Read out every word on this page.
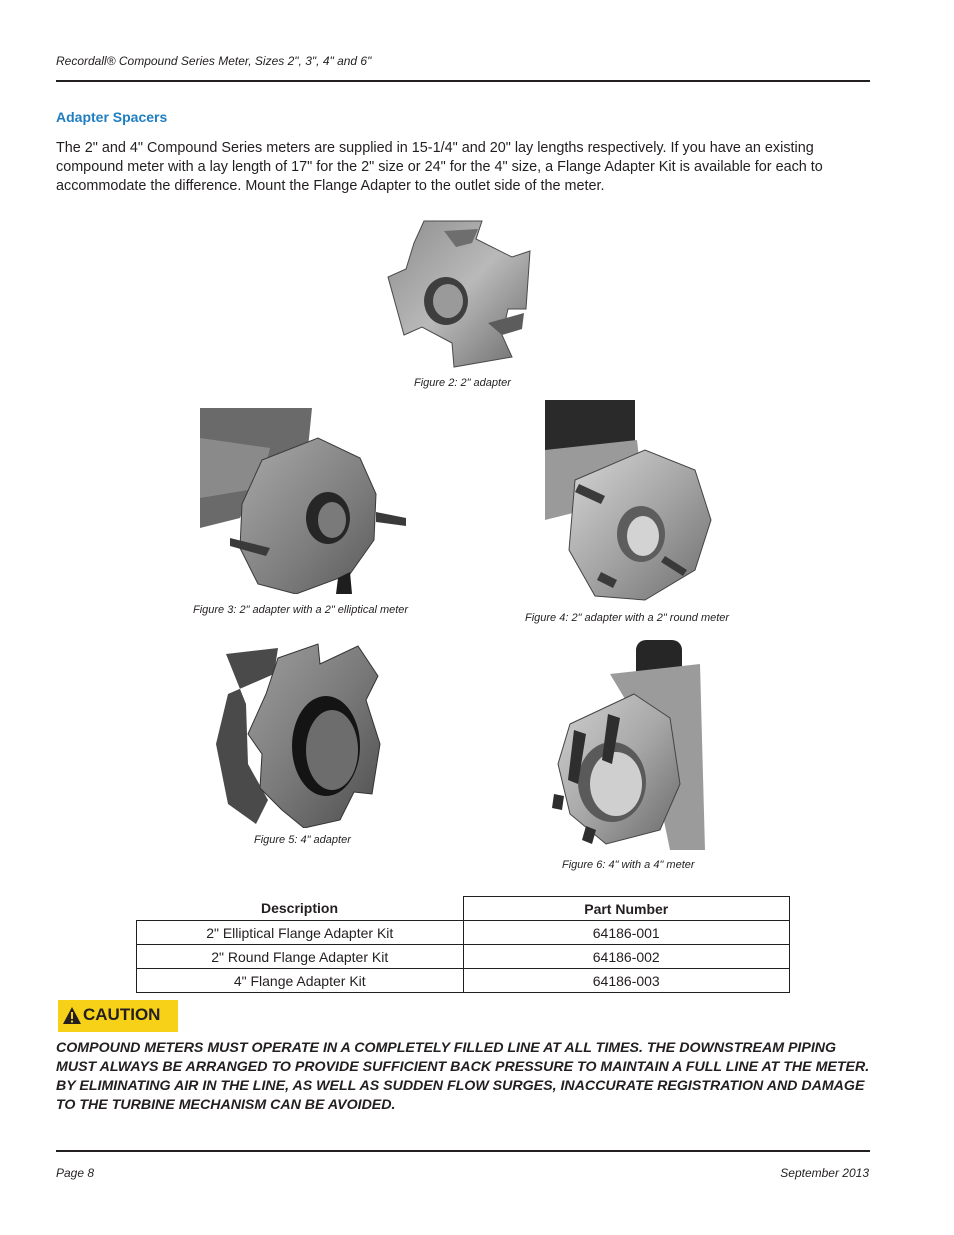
Recordall® Compound Series Meter, Sizes 2", 3", 4" and 6"
Adapter Spacers
The 2" and 4" Compound Series meters are supplied in 15-1/4" and 20" lay lengths respectively. If you have an existing compound meter with a lay length of 17" for the 2" size or 24" for the 4" size, a Flange Adapter Kit is available for each to accommodate the difference. Mount the Flange Adapter to the outlet side of the meter.
Figure 2: 2" adapter
Figure 3: 2" adapter with a 2" elliptical meter
Figure 4: 2" adapter with a 2" round meter
Figure 5: 4" adapter
Figure 6: 4" with a 4" meter
Description	Part Number
2" Elliptical Flange Adapter Kit	64186-001
2" Round Flange Adapter Kit	64186-002
4" Flange Adapter Kit	64186-003
CAUTION
COMPOUND METERS MUST OPERATE IN A COMPLETELY FILLED LINE AT ALL TIMES. THE DOWNSTREAM PIPING MUST ALWAYS BE ARRANGED TO PROVIDE SUFFICIENT BACK PRESSURE TO MAINTAIN A FULL LINE AT THE METER. BY ELIMINATING AIR IN THE LINE, AS WELL AS SUDDEN FLOW SURGES, INACCURATE REGISTRATION AND DAMAGE TO THE TURBINE MECHANISM CAN BE AVOIDED.
Page 8	September 2013
